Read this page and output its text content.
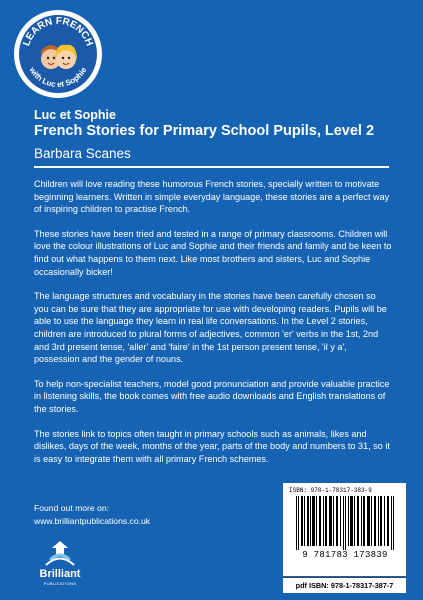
LEARN FRENCH
with Luc et Sophie
Luc et Sophie
French Stories for Primary School Pupils, Level 2
Barbara Scanes

Children will love reading these humorous French stories, specially written to motivate beginning learners. Written in simple everyday language, these stories are a perfect way of inspiring children to practise French.

These stories have been tried and tested in a range of primary classrooms. Children will love the colour illustrations of Luc and Sophie and their friends and family and be keen to find out what happens to them next. Like most brothers and sisters, Luc and Sophie occasionally bicker!

The language structures and vocabulary in the stories have been carefully chosen so you can be sure that they are appropriate for use with developing readers. Pupils will be able to use the language they learn in real life conversations. In the Level 2 stories, children are introduced to plural forms of adjectives, common 'er' verbs in the 1st, 2nd and 3rd present tense, 'aller' and 'faire' in the 1st person present tense, 'il y a', possession and the gender of nouns.

To help non-specialist teachers, model good pronunciation and provide valuable practice in listening skills, the book comes with free audio downloads and English translations of the stories.

The stories link to topics often taught in primary schools such as animals, likes and dislikes, days of the week, months of the year, parts of the body and numbers to 31, so it is easy to integrate them with all primary French schemes.

Found out more on:
www.brilliantpublications.co.uk
Brilliant
PUBLICATIONS
ISBN: 978-1-78317-383-9
9 781783 173839
pdf ISBN: 978-1-78317-387-7
